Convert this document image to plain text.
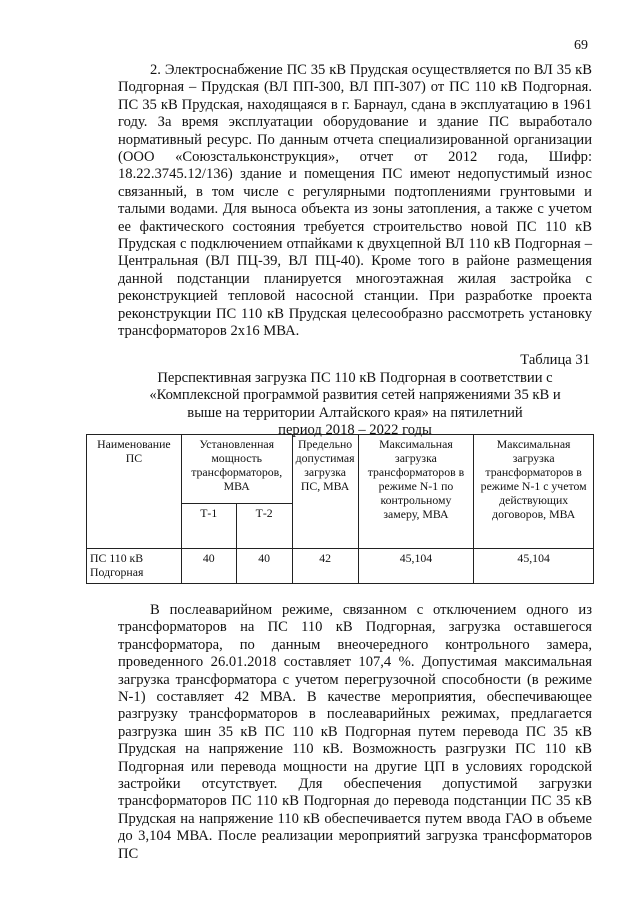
69

2. Электроснабжение ПС 35 кВ Прудская осуществляется по ВЛ 35 кВ Подгорная – Прудская (ВЛ ПП-300, ВЛ ПП-307) от ПС 110 кВ Подгорная. ПС 35 кВ Прудская, находящаяся в г. Барнаул, сдана в эксплуатацию в 1961 году. За время эксплуатации оборудование и здание ПС выработало нормативный ресурс. По данным отчета специализированной организации (ООО «Союзстальконструкция», отчет от 2012 года, Шифр: 18.22.3745.12/136) здание и помещения ПС имеют недопустимый износ связанный, в том числе с регулярными подтоплениями грунтовыми и талыми водами. Для выноса объекта из зоны затопления, а также с учетом ее фактического состояния требуется строительство новой ПС 110 кВ Прудская с подключением отпайками к двухцепной ВЛ 110 кВ Подгорная – Центральная (ВЛ ПЦ-39, ВЛ ПЦ-40). Кроме того в районе размещения данной подстанции планируется многоэтажная жилая застройка с реконструкцией тепловой насосной станции. При разработке проекта реконструкции ПС 110 кВ Прудская целесообразно рассмотреть установку трансформаторов 2х16 МВА.

Таблица 31
Перспективная загрузка ПС 110 кВ Подгорная в соответствии с
«Комплексной программой развития сетей напряжениями 35 кВ и
выше на территории Алтайского края» на пятилетний
период 2018 – 2022 годы
Наименование ПС	Установленная мощность трансформаторов, МВА		Предельно допустимая загрузка ПС, МВА	Максимальная загрузка трансформаторов в режиме N-1 по контрольному замеру, МВА	Максимальная загрузка трансформаторов в режиме N-1 с учетом действующих договоров, МВА
	Т-1	Т-2			
ПС 110 кВ Подгорная	40	40	42	45,104	45,104

В послеаварийном режиме, связанном с отключением одного из трансформаторов на ПС 110 кВ Подгорная, загрузка оставшегося трансформатора, по данным внеочередного контрольного замера, проведенного 26.01.2018 составляет 107,4 %. Допустимая максимальная загрузка трансформатора с учетом перегрузочной способности (в режиме N-1) составляет 42 МВА. В качестве мероприятия, обеспечивающее разгрузку трансформаторов в послеаварийных режимах, предлагается разгрузка шин 35 кВ ПС 110 кВ Подгорная путем перевода ПС 35 кВ Прудская на напряжение 110 кВ. Возможность разгрузки ПС 110 кВ Подгорная или перевода мощности на другие ЦП в условиях городской застройки отсутствует. Для обеспечения допустимой загрузки трансформаторов ПС 110 кВ Подгорная до перевода подстанции ПС 35 кВ Прудская на напряжение 110 кВ обеспечивается путем ввода ГАО в объеме до 3,104 МВА. После реализации мероприятий загрузка трансформаторов ПС
